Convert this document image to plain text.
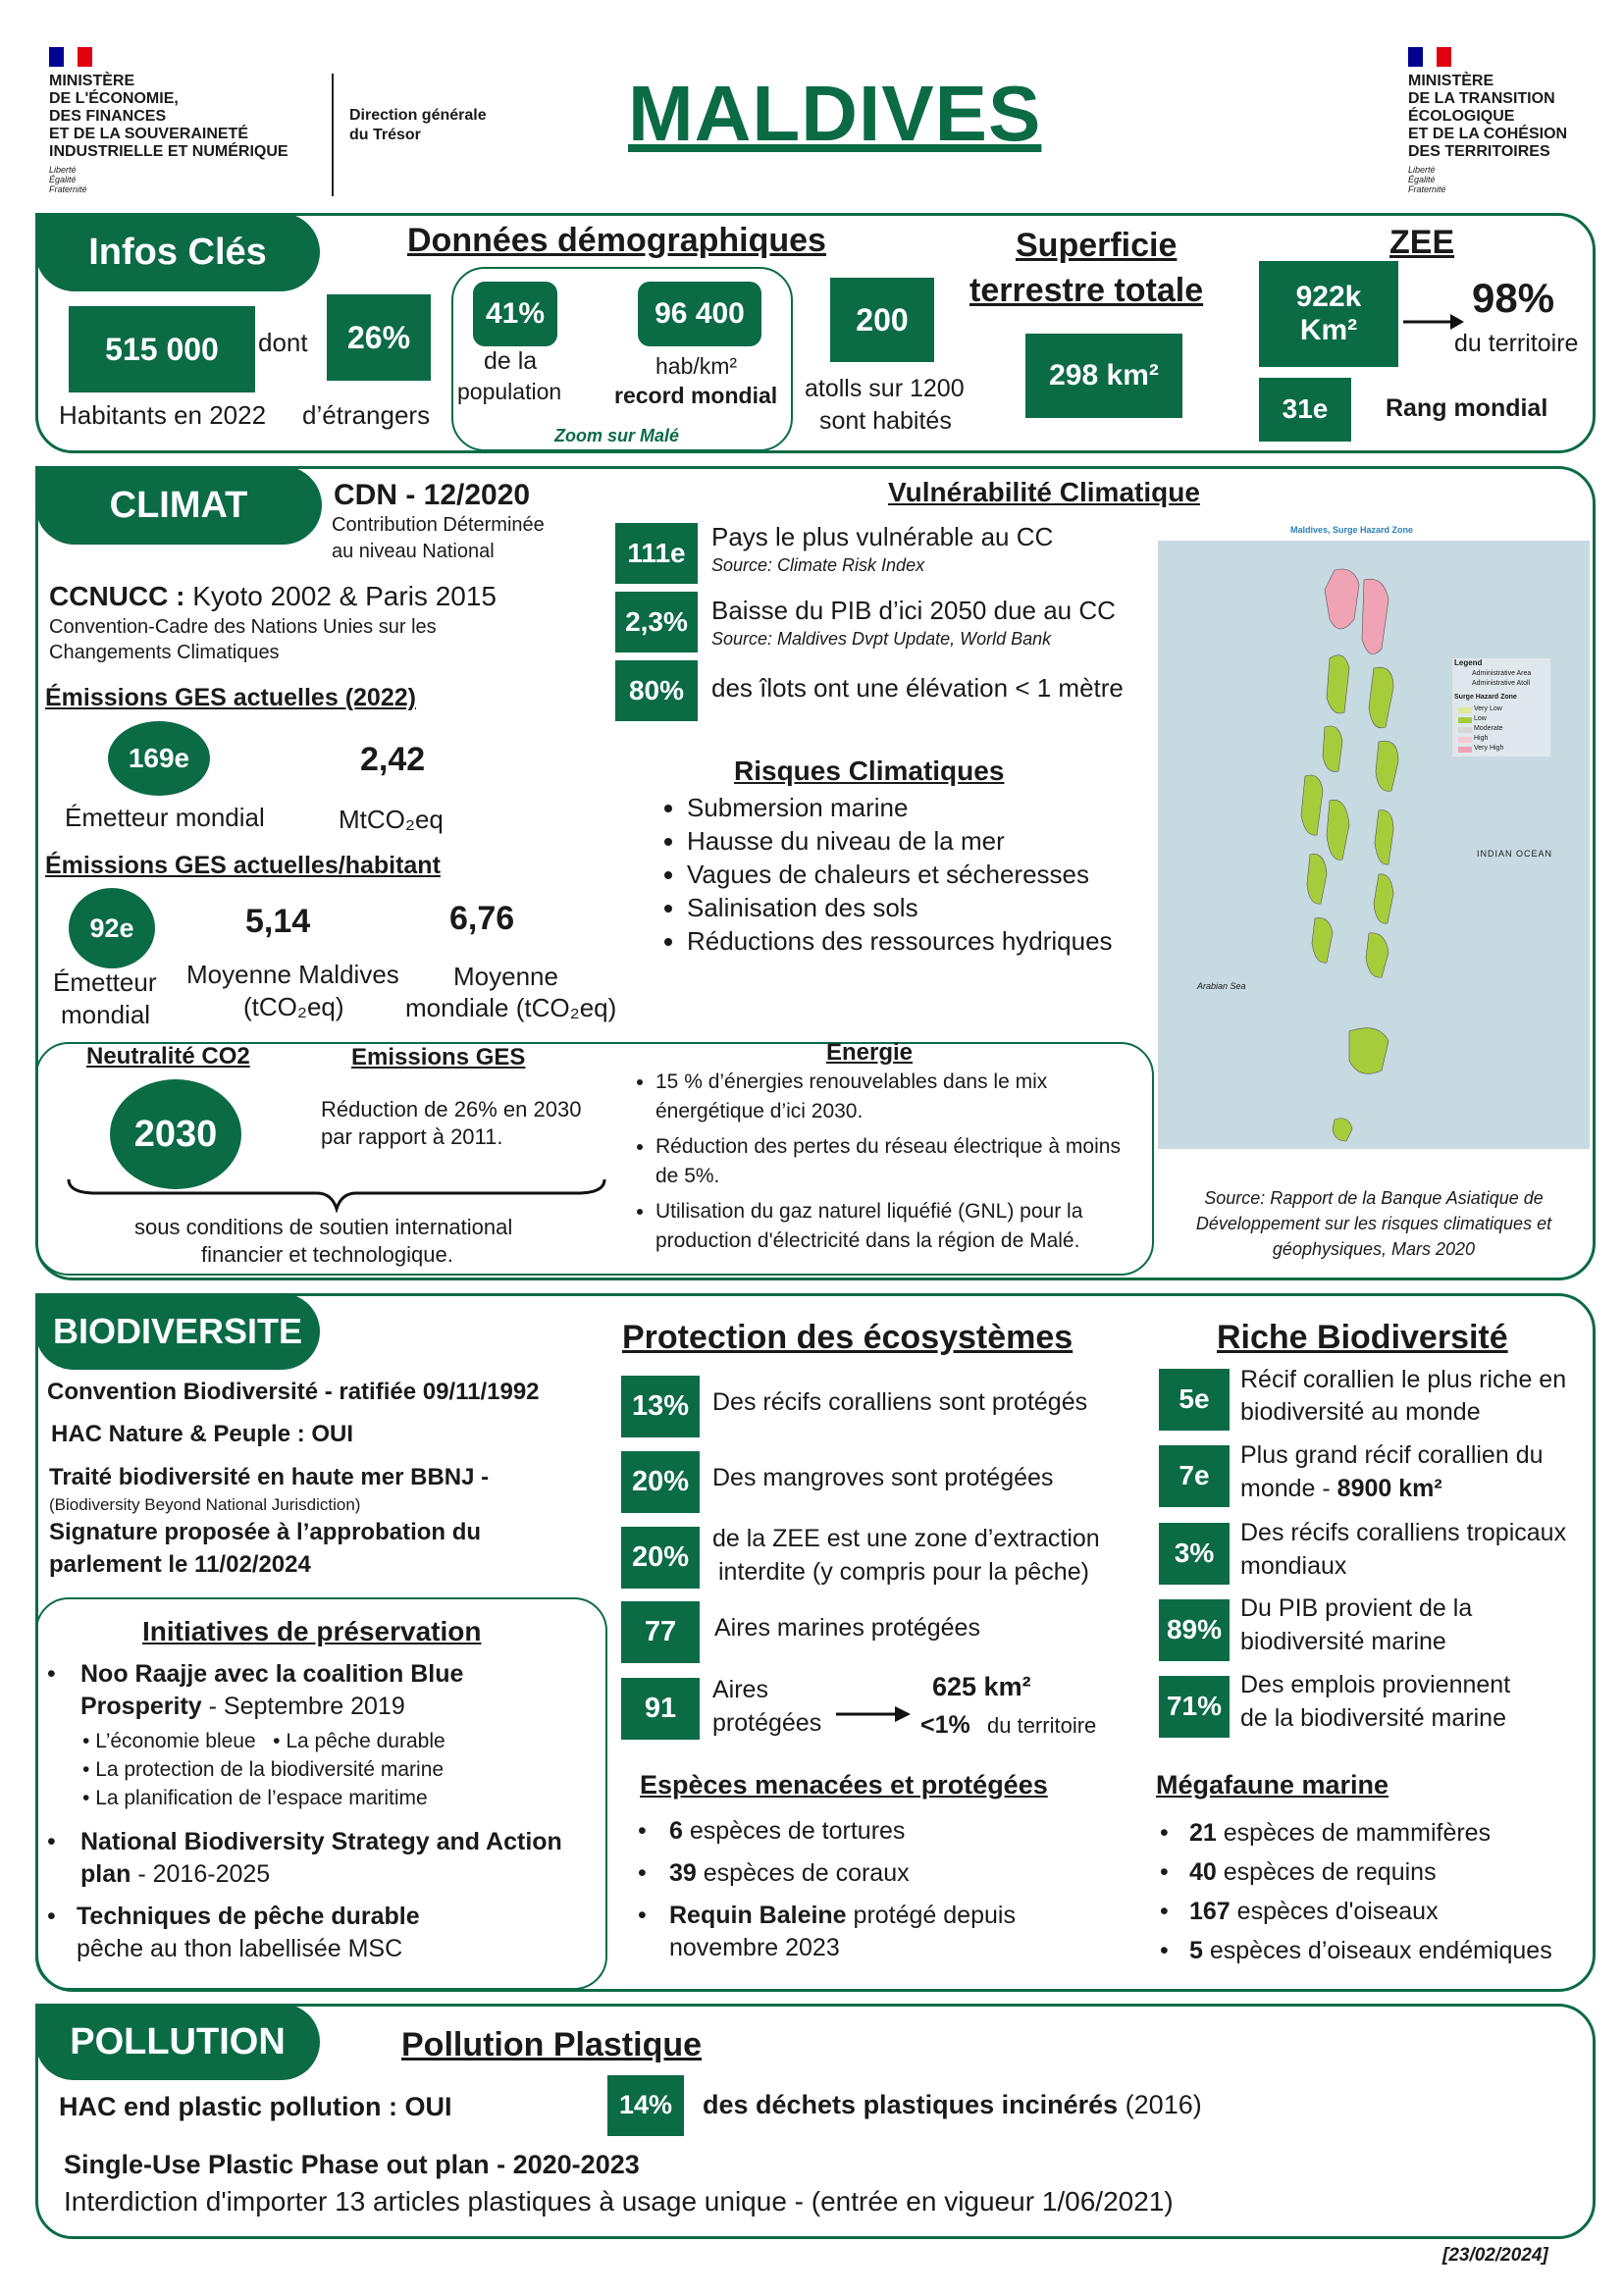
MINISTÈRE
DE L'ÉCONOMIE,
DES FINANCES
ET DE LA SOUVERAINETÉ
INDUSTRIELLE ET NUMÉRIQUE
Liberté
Égalité
Fraternité
Direction générale
du Trésor	MALDIVES	MINISTÈRE
DE LA TRANSITION
ÉCOLOGIQUE
ET DE LA COHÉSION
DES TERRITOIRES
Liberté
Égalité
Fraternité
Infos Clés	Données démographiques
515 000
Habitants en 2022
dont	26%
d’étrangers
41%
de la
population
96 400
hab/km²
record mondial
Zoom sur Malé
200
atolls sur 1200
sont habités
Superficie
terrestre totale
298 km²
ZEE
922k
Km²
98%
du territoire
31e	Rang mondial
CLIMAT	CDN - 12/2020
Contribution Déterminée
au niveau National
CCNUCC : Kyoto 2002 & Paris 2015
Convention-Cadre des Nations Unies sur les
Changements Climatiques
Émissions GES actuelles (2022)
169e
Émetteur mondial
2,42
MtCO₂eq
Émissions GES actuelles/habitant
92e
Émetteur
mondial
5,14
Moyenne Maldives
(tCO₂eq)
6,76
Moyenne
mondiale (tCO₂eq)
Vulnérabilité Climatique
111e
Pays le plus vulnérable au CC
Source: Climate Risk Index
2,3% Baisse du PIB d’ici 2050 due au CC
Source: Maldives Dvpt Update, World Bank
80%	des îlots ont une élévation < 1 mètre
Risques Climatiques
• Submersion marine
• Hausse du niveau de la mer
• Vagues de chaleurs et sécheresses
• Salinisation des sols
• Réductions des ressources hydriques
Maldives, Surge Hazard Zone
Legend
Administrative Area
Administrative Atoll
Surge Hazard Zone
Very Low
Low
Moderate
High
Very High
INDIAN OCEAN
Arabian Sea
Source: Rapport de la Banque Asiatique de
Développement sur les risques climatiques et
géophysiques, Mars 2020
Neutralité CO2
2030
Emissions GES
Réduction de 26% en 2030
par rapport à 2011.
sous conditions de soutien international
financier et technologique.
Energie
• 15 % d’énergies renouvelables dans le mix énergétique d’ici 2030.
• Réduction des pertes du réseau électrique à moins de 5%.
• Utilisation du gaz naturel liquéfié (GNL) pour la production d'électricité dans la région de Malé.
BIODIVERSITE
Convention Biodiversité - ratifiée 09/11/1992
HAC Nature & Peuple : OUI
Traité biodiversité en haute mer BBNJ -
(Biodiversity Beyond National Jurisdiction)
Signature proposée à l’approbation du
parlement le 11/02/2024
Initiatives de préservation
•	Noo Raajje avec la coalition Blue
Prosperity - Septembre 2019
• L’économie bleue   • La pêche durable
• La protection de la biodiversité marine
• La planification de l’espace maritime
•	National Biodiversity Strategy and Action
plan - 2016-2025
• Techniques de pêche durable
pêche au thon labellisée MSC
Protection des écosystèmes
13% Des récifs coralliens sont protégés
20% Des mangroves sont protégées
20%
de la ZEE est une zone d’extraction
interdite (y compris pour la pêche)
77	Aires marines protégées
91
Aires
protégées
625 km²
<1% du territoire
Espèces menacées et protégées
• 6 espèces de tortures
• 39 espèces de coraux
• Requin Baleine protégé depuis novembre 2023
Riche Biodiversité
5e
Récif corallien le plus riche en
biodiversité au monde
7e
Plus grand récif corallien du
monde - 8900 km²
3%
Des récifs coralliens tropicaux
mondiaux
89%
Du PIB provient de la
biodiversité marine
71%
Des emplois proviennent
de la biodiversité marine
Mégafaune marine
• 21 espèces de mammifères
• 40 espèces de requins
• 167 espèces d'oiseaux
• 5 espèces d’oiseaux endémiques
POLLUTION	Pollution Plastique
HAC end plastic pollution : OUI	14%	des déchets plastiques incinérés (2016)
Single-Use Plastic Phase out plan - 2020-2023
Interdiction d'importer 13 articles plastiques à usage unique - (entrée en vigueur 1/06/2021)
[23/02/2024]
